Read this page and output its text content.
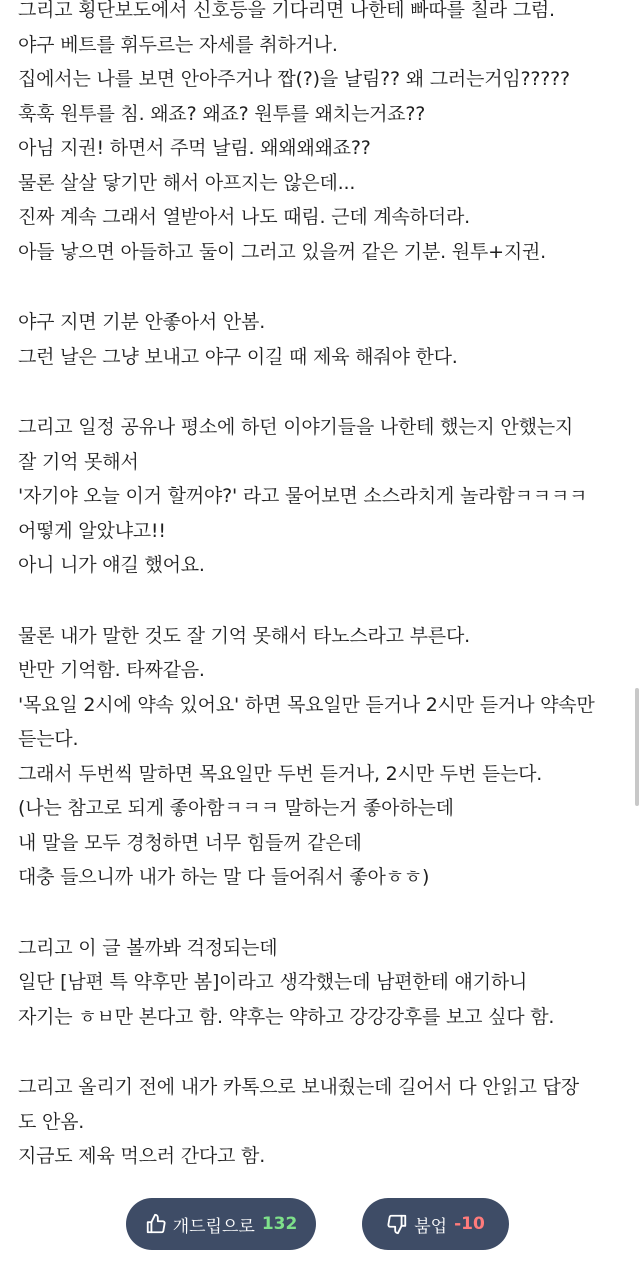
그리고 횡단보도에서 신호등을 기다리면 나한테 빠따를 칠라 그럼.
야구 베트를 휘두르는 자세를 취하거나.
집에서는 나를 보면 안아주거나 짭(?)을 날림?? 왜 그러는거임?????
훅훅 원투를 침. 왜죠? 왜죠? 원투를 왜치는거죠??
아님 지권! 하면서 주먹 날림. 왜왜왜왜죠??
물론 살살 닿기만 해서 아프지는 않은데...
진짜 계속 그래서 열받아서 나도 때림. 근데 계속하더라.
아들 낳으면 아들하고 둘이 그러고 있을꺼 같은 기분. 원투+지권.
야구 지면 기분 안좋아서 안봄.
그런 날은 그냥 보내고 야구 이길 때 제육 해줘야 한다.
그리고 일정 공유나 평소에 하던 이야기들을 나한테 했는지 안했는지
잘 기억 못해서
'자기야 오늘 이거 할꺼야?' 라고 물어보면 소스라치게 놀라함ㅋㅋㅋㅋ
어떻게 알았냐고!!
아니 니가 얘길 했어요.
물론 내가 말한 것도 잘 기억 못해서 타노스라고 부른다.
반만 기억함. 타짜같음.
'목요일 2시에 약속 있어요' 하면 목요일만 듣거나 2시만 듣거나 약속만
듣는다.
그래서 두번씩 말하면 목요일만 두번 듣거나, 2시만 두번 듣는다.
(나는 참고로 되게 좋아함ㅋㅋㅋ 말하는거 좋아하는데
내 말을 모두 경청하면 너무 힘들꺼 같은데
대충 들으니까 내가 하는 말 다 들어줘서 좋아ㅎㅎ)
그리고 이 글 볼까봐 걱정되는데
일단 [남편 특 약후만 봄]이라고 생각했는데 남편한테 얘기하니
자기는 ㅎㅂ만 본다고 함. 약후는 약하고 강강강후를 보고 싶다 함.
그리고 올리기 전에 내가 카톡으로 보내줬는데 길어서 다 안읽고 답장
도 안옴.
지금도 제육 먹으러 간다고 함.
개드립으로 132	붐업 -10
